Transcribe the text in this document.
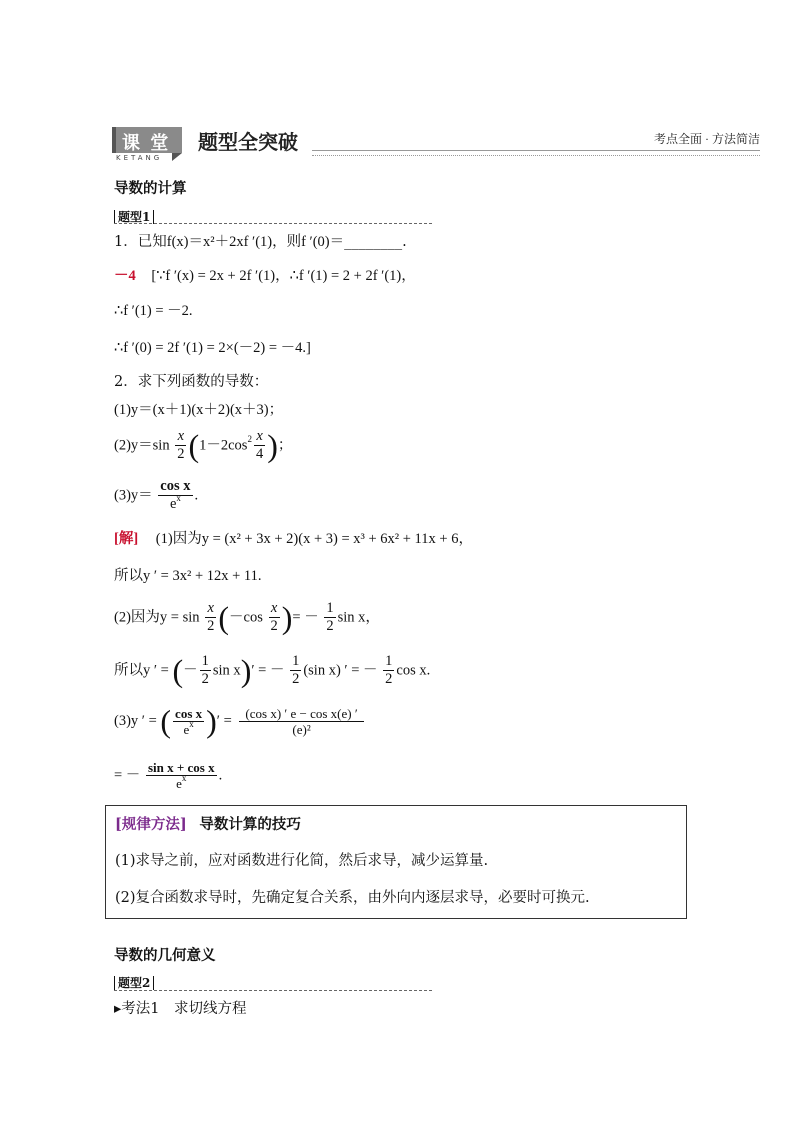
课 堂
KETANG
题型全突破	考点全面 · 方法简洁
导数的计算
题型1
1．已知f(x)＝x²＋2xf ′(1)，则f ′(0)＝________.
－4 [∵f ′(x) = 2x + 2f ′(1)，∴f ′(1) = 2 + 2f ′(1)，
∴f ′(1) = －2.
∴f ′(0) = 2f ′(1) = 2×(－2) = －4.]
2．求下列函数的导数：
(1)y＝(x＋1)(x＋2)(x＋3)；
$(2)y=\sin \frac{x}{2} (1-2\cos^2 \frac{x}{4}$ )；
$(3)y= \frac{\text{cos x}}{e^x}$ .
[解] (1)因为y = (x² + 3x + 2)(x + 3) = x³ + 6x² + 11x + 6，
所以y ′ = 3x² + 12x + 11.
(2)因为$y = \sin \frac{x}{2} (-\cos \frac{x}{2}$ )= － $\frac{1}{2}$ sin x，
所以y ′ = (－ $\frac{1}{2}$ sin x)′ = － $\frac{1}{2} (\sin$ x) ′ = － $\frac{1}{2}$ cos x.
(3)y ′ = ( $\frac{\text{cos x}}{e^x}$ )′ = $\frac{\text{(cos x) ′ e − cos x(e) ′}}{\text{(e)²}}$
= － $\frac{\text{sin x + cos x}}{e^x}$ .
[规律方法] 导数计算的技巧
(1)求导之前，应对函数进行化简，然后求导，减少运算量.
(2)复合函数求导时，先确定复合关系，由外向内逐层求导，必要时可换元.
导数的几何意义
题型2
▸考法1　求切线方程
